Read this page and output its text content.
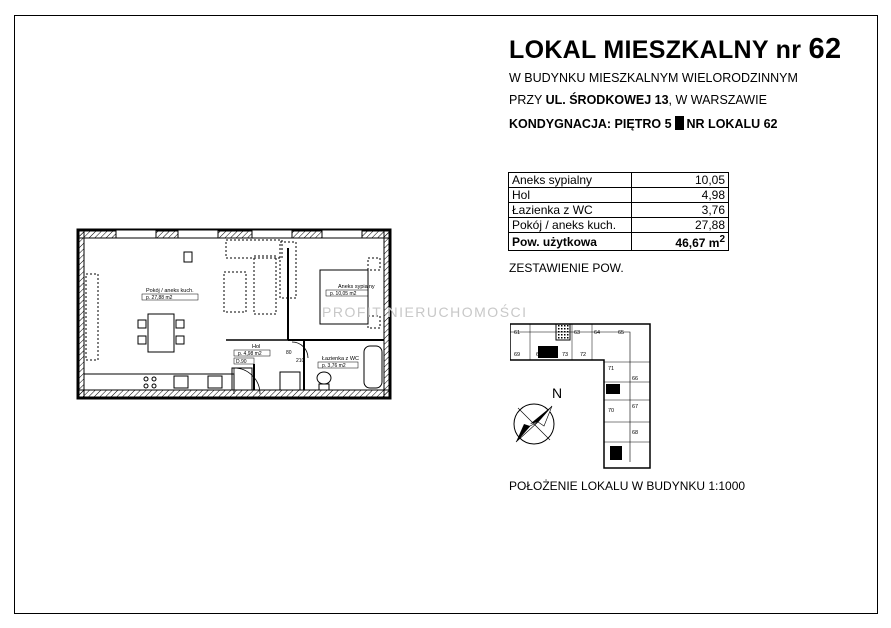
LOKAL MIESZKALNY nr 62
W BUDYNKU MIESZKALNYM WIELORODZINNYM
PRZY UL. ŚRODKOWEJ 13, W WARSZAWIE
KONDYGNACJA: PIĘTRO 5 NR LOKALU 62
Aneks sypialny	10,05
Hol	4,98
Łazienka z WC	3,76
Pokój / aneks kuch.	27,88
Pow. użytkowa	46,67 $m^2$
ZESTAWIENIE POW.
Pokój / aneks kuch.
p. 27,88 m2
Aneks sypialny
p. 10,05 m2
Hol
p. 4,98 m2
D.90
80
210	Łazienka z WC
p. 3,76 m2
PROFIT NIERUCHOMOŚCI
61
69	62
63	64	65
73 72
71
66
67
70
68
N
POŁOŻENIE LOKALU W BUDYNKU 1:1000
